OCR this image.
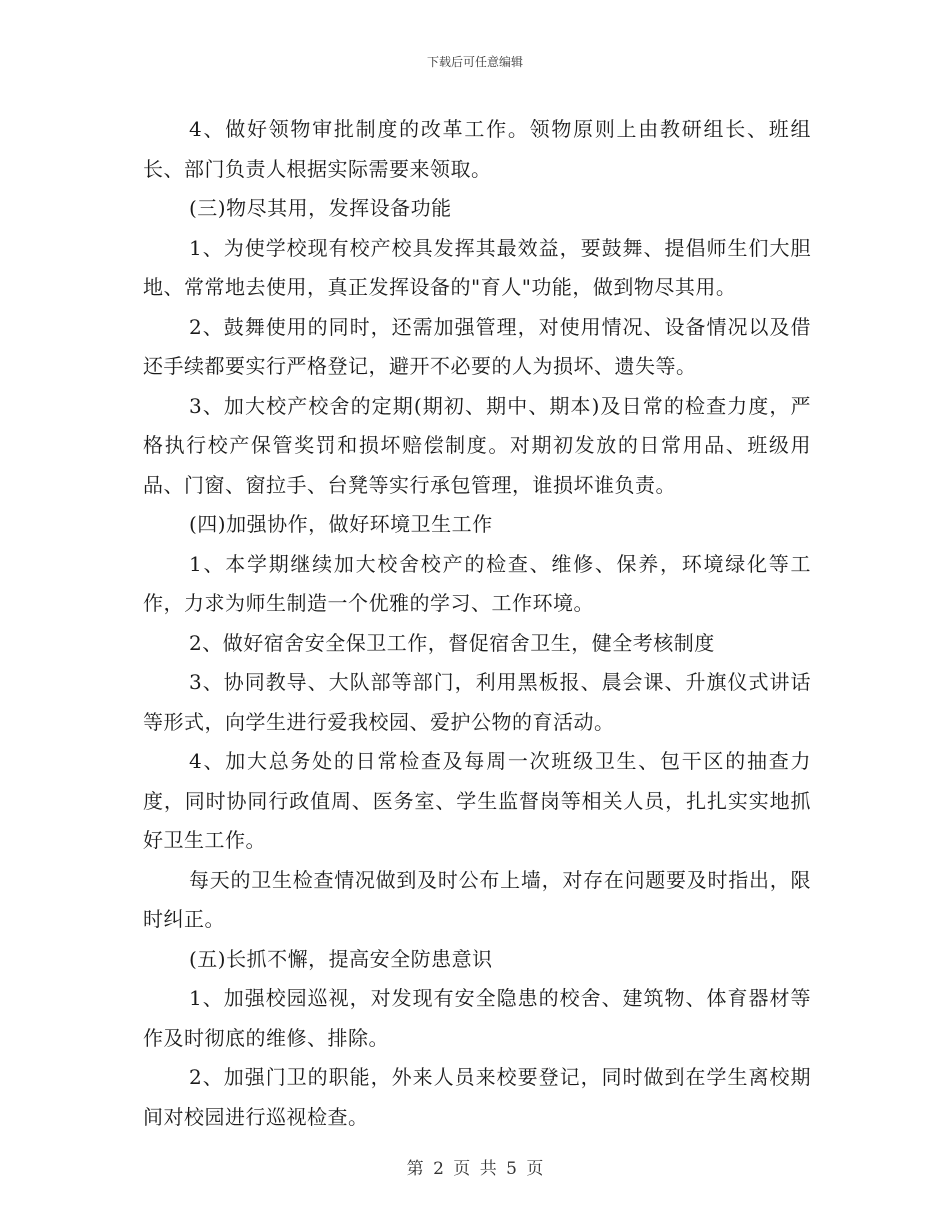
下载后可任意编辑

4、做好领物审批制度的改革工作。领物原则上由教研组长、班组长、部门负责人根据实际需要来领取。

(三)物尽其用，发挥设备功能

1、为使学校现有校产校具发挥其最效益，要鼓舞、提倡师生们大胆地、常常地去使用，真正发挥设备的"育人"功能，做到物尽其用。

2、鼓舞使用的同时，还需加强管理，对使用情况、设备情况以及借还手续都要实行严格登记，避开不必要的人为损坏、遗失等。

3、加大校产校舍的定期(期初、期中、期本)及日常的检查力度，严格执行校产保管奖罚和损坏赔偿制度。对期初发放的日常用品、班级用品、门窗、窗拉手、台凳等实行承包管理，谁损坏谁负责。

(四)加强协作，做好环境卫生工作

1、本学期继续加大校舍校产的检查、维修、保养，环境绿化等工作，力求为师生制造一个优雅的学习、工作环境。

2、做好宿舍安全保卫工作，督促宿舍卫生，健全考核制度

3、协同教导、大队部等部门，利用黑板报、晨会课、升旗仪式讲话等形式，向学生进行爱我校园、爱护公物的育活动。

4、加大总务处的日常检查及每周一次班级卫生、包干区的抽查力度，同时协同行政值周、医务室、学生监督岗等相关人员，扎扎实实地抓好卫生工作。

每天的卫生检查情况做到及时公布上墙，对存在问题要及时指出，限时纠正。

(五)长抓不懈，提高安全防患意识

1、加强校园巡视，对发现有安全隐患的校舍、建筑物、体育器材等作及时彻底的维修、排除。

2、加强门卫的职能，外来人员来校要登记，同时做到在学生离校期间对校园进行巡视检查。

第 2 页 共 5 页
